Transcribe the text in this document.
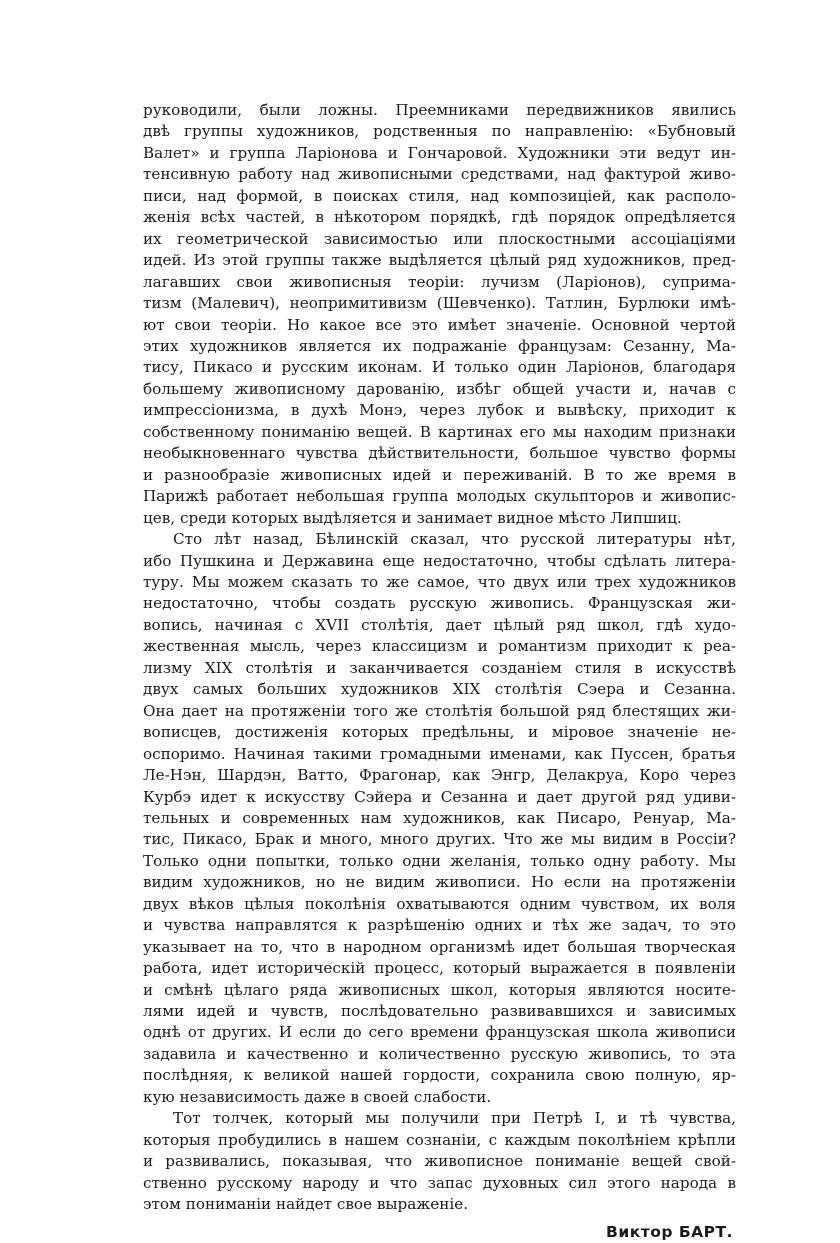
руководили, были ложны. Преемниками передвижников явились
двѣ группы художников, родственныя по направленію: «Бубновый
Валет» и группа Ларіонова и Гончаровой. Художники эти ведут ин-
тенсивную работу над живописными средствами, над фактурой живо-
писи, над формой, в поисках стиля, над композиціей, как располо-
женія всѣх частей, в нѣкотором порядкѣ, гдѣ порядок опредѣляется
их геометрической зависимостью или плоскостными ассоціаціями
идей. Из этой группы также выдѣляется цѣлый ряд художников, пред-
лагавших свои живописныя теоріи: лучизм (Ларіонов), суприма-
тизм (Малевич), неопримитивизм (Шевченко). Татлин, Бурлюки имѣ-
ют свои теоріи. Но какое все это имѣет значеніе. Основной чертой
этих художников является их подражаніе французам: Сезанну, Ма-
тису, Пикасо и русским иконам. И только один Ларіонов, благодаря
большему живописному дарованію, избѣг общей участи и, начав с
импрессіонизма, в духѣ Монэ, через лубок и вывѣску, приходит к
собственному пониманію вещей. В картинах его мы находим признаки
необыкновеннаго чувства дѣйствительности, большое чувство формы
и разнообразіе живописных идей и переживаній. В то же время в
Парижѣ работает небольшая группа молодых скульпторов и живопис-
цев, среди которых выдѣляется и занимает видное мѣсто Липшиц.
Сто лѣт назад, Бѣлинскій сказал, что русской литературы нѣт,
ибо Пушкина и Державина еще недостаточно, чтобы сдѣлать литера-
туру. Мы можем сказать то же самое, что двух или трех художников
недостаточно, чтобы создать русскую живопись. Французская жи-
вопись, начиная с XVII столѣтія, дает цѣлый ряд школ, гдѣ худо-
жественная мысль, через классицизм и романтизм приходит к реа-
лизму XIX столѣтія и заканчивается созданіем стиля в искусствѣ
двух самых больших художников XIX столѣтія Сэера и Сезанна.
Она дает на протяженіи того же столѣтія большой ряд блестящих жи-
вописцев, достиженія которых предѣльны, и міровое значеніе не-
оспоримо. Начиная такими громадными именами, как Пуссен, братья
Ле-Нэн, Шардэн, Ватто, Фрагонар, как Энгр, Делакруа, Коро через
Курбэ идет к искусству Сэйера и Сезанна и дает другой ряд удиви-
тельных и современных нам художников, как Писаро, Ренуар, Ма-
тис, Пикасо, Брак и много, много других. Что же мы видим в Россіи?
Только одни попытки, только одни желанія, только одну работу. Мы
видим художников, но не видим живописи. Но если на протяженіи
двух вѣков цѣлыя поколѣнія охватываются одним чувством, их воля
и чувства направлятся к разрѣшенію одних и тѣх же задач, то это
указывает на то, что в народном организмѣ идет большая творческая
работа, идет историческій процесс, который выражается в появленіи
и смѣнѣ цѣлаго ряда живописных школ, которыя являются носите-
лями идей и чувств, послѣдовательно развивавшихся и зависимых
однѣ от других. И если до сего времени французская школа живописи
задавила и качественно и количественно русскую живопись, то эта
послѣдняя, к великой нашей гордости, сохранила свою полную, яр-
кую независимость даже в своей слабости.
Тот толчек, который мы получили при Петрѣ I, и тѣ чувства,
которыя пробудились в нашем сознаніи, с каждым поколѣніем крѣпли
и развивались, показывая, что живописное пониманіе вещей свой-
ственно русскому народу и что запас духовных сил этого народа в
этом пониманіи найдет свое выраженіе.
Виктор БАРТ.
